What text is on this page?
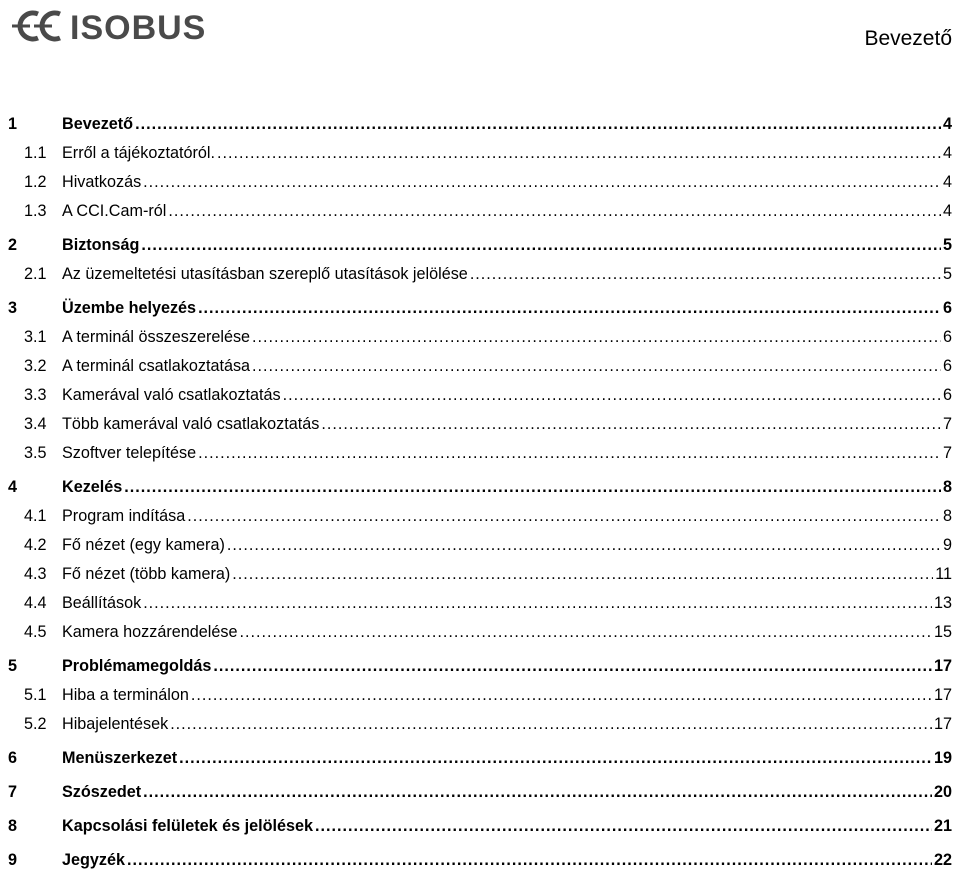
ISOBUS	Bevezető
1	Bevezető .....	4
1.1 Erről a tájékoztatóról. .....	4
1.2 Hivatkozás .....	4
1.3 A CCI.Cam-ról .....	4
2	Biztonság .....	5
2.1 Az üzemeltetési utasításban szereplő utasítások jelölése .....	5
3	Üzembe helyezés .....	6
3.1 A terminál összeszerelése .....	6
3.2 A terminál csatlakoztatása .....	6
3.3 Kamerával való csatlakoztatás .....	6
3.4 Több kamerával való csatlakoztatás .....	7
3.5 Szoftver telepítése .....	7
4	Kezelés .....	8
4.1 Program indítása .....	8
4.2 Fő nézet (egy kamera) .....	9
4.3 Fő nézet (több kamera) .....	11
4.4 Beállítások .....	13
4.5 Kamera hozzárendelése .....	15
5	Problémamegoldás .....	17
5.1 Hiba a terminálon .....	17
5.2 Hibajelentések .....	17
6	Menüszerkezet .....	19
7	Szószedet .....	20
8	Kapcsolási felületek és jelölések .....	21
9	Jegyzék .....	22
